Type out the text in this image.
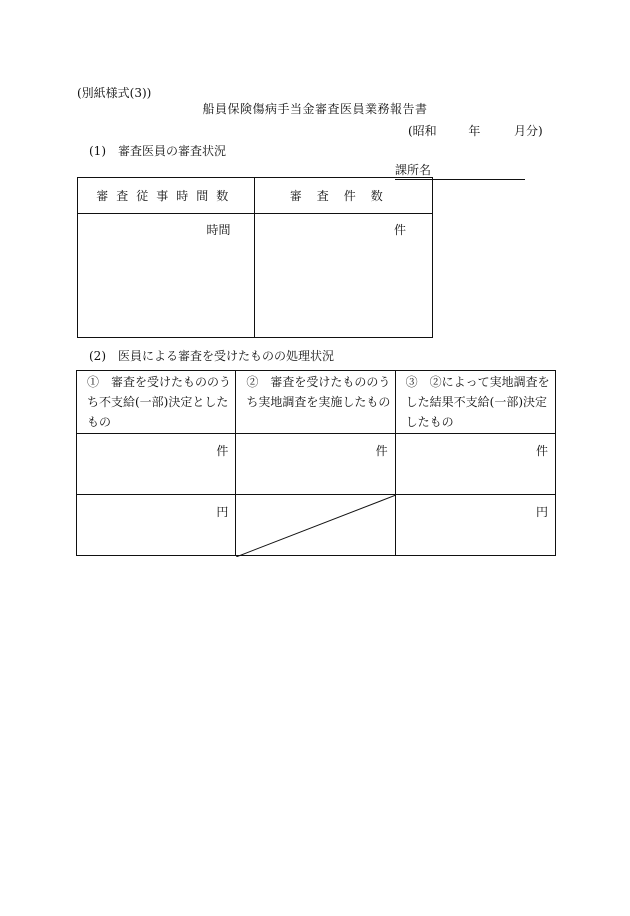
(別紙様式(3))
船員保険傷病手当金審査医員業務報告書
(昭和	年	月分)
(1)　審査医員の審査状況
課所名
審査従事時間数	審査件数

時間	件
(2)　医員による審査を受けたものの処理状況
①　審査を受けたもののうち不支給(一部)決定としたもの	②　審査を受けたもののうち実地調査を実施したもの	③　②によって実地調査をした結果不支給(一部)決定したもの

件	件	件

円		円
